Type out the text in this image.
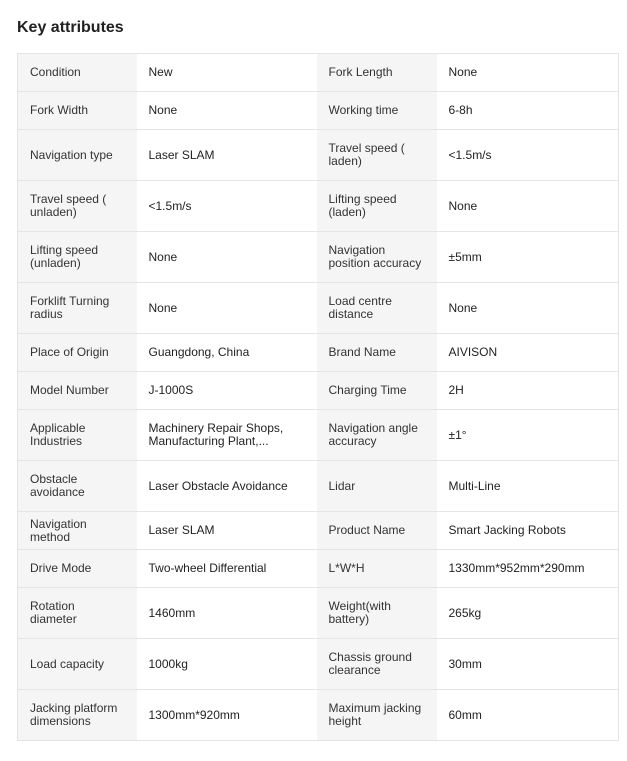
Key attributes
Condition	New	Fork Length	None
Fork Width	None	Working time	6-8h
Navigation type	Laser SLAM	Travel speed ( laden)	<1.5m/s
Travel speed ( unladen)	<1.5m/s	Lifting speed (laden)	None
Lifting speed (unladen)	None	Navigation position accuracy	±5mm
Forklift Turning radius	None	Load centre distance	None
Place of Origin	Guangdong, China	Brand Name	AIVISON
Model Number	J-1000S	Charging Time	2H
Applicable Industries	Machinery Repair Shops, Manufacturing Plant,...	Navigation angle accuracy	±1°
Obstacle avoidance	Laser Obstacle Avoidance	Lidar	Multi-Line
Navigation method	Laser SLAM	Product Name	Smart Jacking Robots
Drive Mode	Two-wheel Differential	L*W*H	1330mm*952mm*290mm
Rotation diameter	1460mm	Weight(with battery)	265kg
Load capacity	1000kg	Chassis ground clearance	30mm
Jacking platform dimensions	1300mm*920mm	Maximum jacking height	60mm
